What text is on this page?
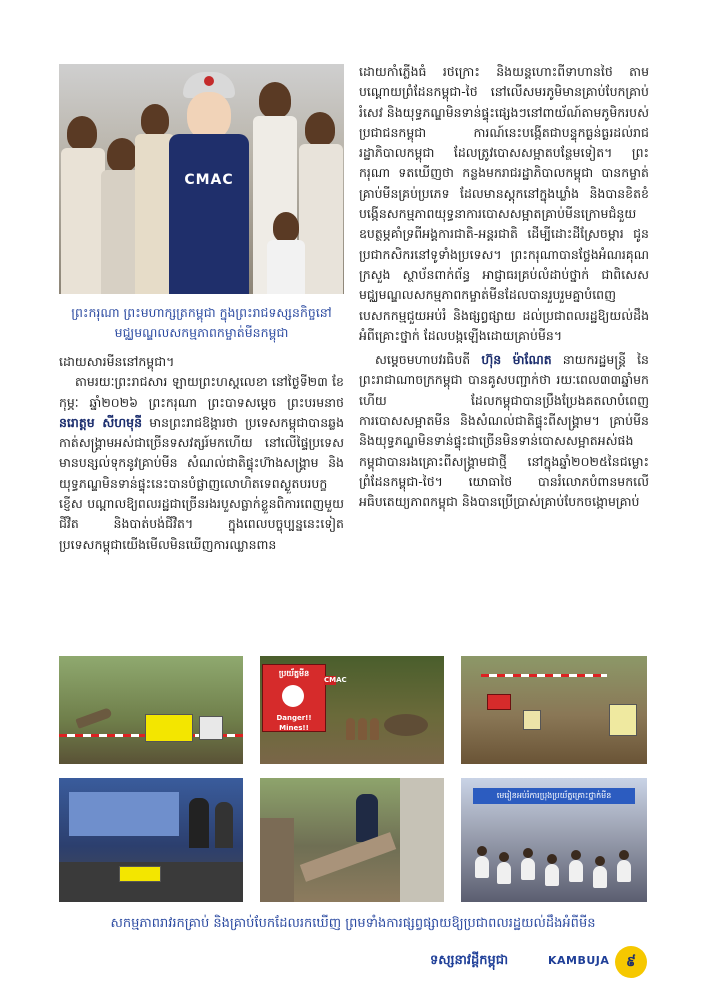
CMAC
ព្រះករុណា ព្រះមហាក្សត្រកម្ពុជា ក្នុងព្រះរាជទស្សនកិច្ចនៅមជ្ឈមណ្ឌលសកម្មភាពកម្ចាត់មីនកម្ពុជា

ដោយសារមីននៅកម្ពុជា។

តាមរយៈព្រះរាជសារ ឡាយព្រះហស្តលេខា នៅថ្ងៃទី២៣ ខែកុម្ភៈ ឆ្នាំ២០២៦ ព្រះករុណា ព្រះបាទសម្ដេច ព្រះបរមនាថ នរោត្តម សីហមុនី មានព្រះរាជឱង្ការថា ប្រទេសកម្ពុជាបានឆ្លងកាត់សង្គ្រាមអស់ជាច្រើនទសវត្សរ៍មកហើយ នៅលើផ្ទៃប្រទេសមានបន្សល់ទុកនូវគ្រាប់មីន សំណល់ជាតិផ្ទុះហ៊ាងសង្គ្រាម និងយុទ្ធភណ្ឌមិនទាន់ផ្ទុះនេះបានបំផ្លាញលោហិតទេពស្ងួតបរបក្ខខ្ញើស បណ្ដាលឱ្យពលរដ្ឋជាច្រើនរងរបួសធ្លាក់ខ្លួនពិការពេញមួយជីវិត និងបាត់បង់ជីវិត។ ក្នុងពេលបច្ចុប្បន្ននេះទៀត ប្រទេសកម្ពុជាយើងមើលមិនឃើញការឈ្លានពាន

ដោយកាំភ្លើងធំ រថក្រោះ និងយន្តហោះពីទាហានថៃ តាមបណ្ដោយព្រំដែនកម្ពុជា-ថៃ នៅលើសមរភូមិមានគ្រាប់បែកគ្រាប់រំសេវ និងយុទ្ធភណ្ឌមិនទាន់ផ្ទុះផ្សេងៗនៅពាយ័ណ៍តាមភូមិករបស់ប្រជាជនកម្ពុជា ការណ៍នេះបង្កើតជាបន្ទុកធ្ងន់ធ្ងរដល់រាជរដ្ឋាភិបាលកម្ពុជា ដែលត្រូវបោសសម្អាតបន្ថែមទៀត។ ព្រះករុណា ទតឃើញថា កន្លងមករាជរដ្ឋាភិបាលកម្ពុជា បានកម្ចាត់គ្រាប់មីនគ្រប់ប្រភេទ ដែលមានស្តុកនៅក្នុងឃ្លាំង និងបានខិតខំបង្កើនសកម្មភាពយុទ្ធនាការបោសសម្អាតគ្រាប់មីនក្រោមជំនួយឧបត្ថម្ភគាំទ្រពីអង្គការជាតិ-អន្តរជាតិ ដើម្បីដោះដីស្រែចម្ការ ជូនប្រជាកសិករនៅទូទាំងប្រទេស។ ព្រះករុណាបានថ្លែងអំណរគុណ ក្រសួង ស្ថាប័នពាក់ព័ន្ធ អាជ្ញាធរគ្រប់លំដាប់ថ្នាក់ ជាពិសេសមជ្ឈមណ្ឌលសកម្មភាពកម្ចាត់មីនដែលបានរួបរួមគ្នាបំពេញបេសកកម្មជួយអប់រំ និងផ្សព្វផ្សាយ ដល់ប្រជាពលរដ្ឋឱ្យយល់ដឹងអំពីគ្រោះថ្នាក់ ដែលបង្កឡើងដោយគ្រាប់មីន។

សម្ដេចមហាបវរធិបតី ហ៊ុន ម៉ាណែត នាយករដ្ឋមន្ត្រី នៃព្រះរាជាណាចក្រកម្ពុជា បានគូសបញ្ជាក់ថា រយៈពេល៣៣ឆ្នាំមកហើយ ដែលកម្ពុជាបានប្រឹងប្រែងគតលាបំពេញការបោសសម្អាតមីន និងសំណល់ជាតិផ្ទុះពីសង្គ្រាម។ គ្រាប់មីន និងយុទ្ធភណ្ឌមិនទាន់ផ្ទុះជាច្រើនមិនទាន់បោសសម្អាតអស់ផង កម្ពុជាបានរងគ្រោះពីសង្គ្រាមជាថ្មី នៅក្នុងឆ្នាំ២០២៥នៃជម្លោះព្រំដែនកម្ពុជា-ថៃ។ យោធាថៃ បានរំលោភបំពានមកលើអធិបតេយ្យភាពកម្ពុជា និងបានប្រើប្រាស់គ្រាប់បែកចង្កោមគ្រាប់

ប្រយ័ត្នមីន
Danger!! Mines!!
CMAC
មេរៀនអប់រំការប្រុងប្រយ័ត្នគ្រោះថ្នាក់មីន
សកម្មភាពរាវរកគ្រាប់ និងគ្រាប់បែកដែលរកឃើញ ព្រមទាំងការផ្សព្វផ្សាយឱ្យប្រជាពលរដ្ឋយល់ដឹងអំពីមីន
ទស្សនាវដ្តីកម្ពុជា	KAMBUJA	៩
